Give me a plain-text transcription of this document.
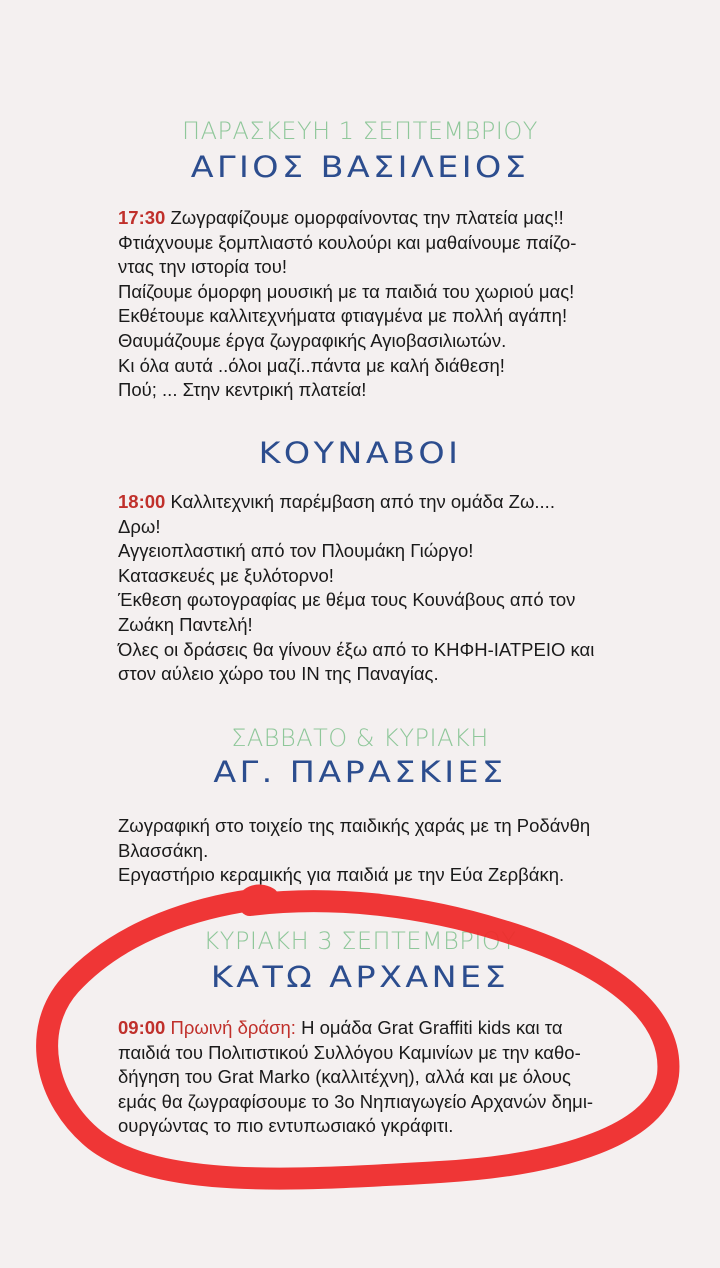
ΠΑΡΑΣΚΕΥΗ 1 ΣΕΠΤΕΜΒΡΙΟΥ
ΑΓΙΟΣ ΒΑΣΙΛΕΙΟΣ

17:30 Ζωγραφίζουμε ομορφαίνοντας την πλατεία μας!!

Φτιάχνουμε ξομπλιαστό κουλούρι και μαθαίνουμε παίζο-

ντας την ιστορία του!

Παίζουμε όμορφη μουσική με τα παιδιά του χωριού μας!

Εκθέτουμε καλλιτεχνήματα φτιαγμένα με πολλή αγάπη!

Θαυμάζουμε έργα ζωγραφικής Αγιοβασιλιωτών.

Κι όλα αυτά ..όλοι μαζί..πάντα με καλή διάθεση!

Πού; ... Στην κεντρική πλατεία!

ΚΟΥΝΑΒΟΙ

18:00 Καλλιτεχνική παρέμβαση από την ομάδα Ζω....

Δρω!

Αγγειοπλαστική από τον Πλουμάκη Γιώργο!

Κατασκευές με ξυλότορνο!

Έκθεση φωτογραφίας με θέμα τους Κουνάβους από τον

Ζωάκη Παντελή!

Όλες οι δράσεις θα γίνουν έξω από το ΚΗΦΗ-ΙΑΤΡΕΙΟ και

στον αύλειο χώρο του ΙΝ της Παναγίας.

ΣΑΒΒΑΤΟ & ΚΥΡΙΑΚΗ
ΑΓ. ΠΑΡΑΣΚΙΕΣ

Ζωγραφική στο τοιχείο της παιδικής χαράς με τη Ροδάνθη

Βλασσάκη.

Εργαστήριο κεραμικής για παιδιά με την Εύα Ζερβάκη.

ΚΥΡΙΑΚΗ 3 ΣΕΠΤΕΜΒΡΙΟΥ
ΚΑΤΩ ΑΡΧΑΝΕΣ

09:00 Πρωινή δράση: Η ομάδα Grat Graffiti kids και τα

παιδιά του Πολιτιστικού Συλλόγου Καμινίων με την καθο-

δήγηση του Grat Marko (καλλιτέχνη), αλλά και με όλους

εμάς θα ζωγραφίσουμε το 3ο Νηπιαγωγείο Αρχανών δημι-

ουργώντας το πιο εντυπωσιακό γκράφιτι.
